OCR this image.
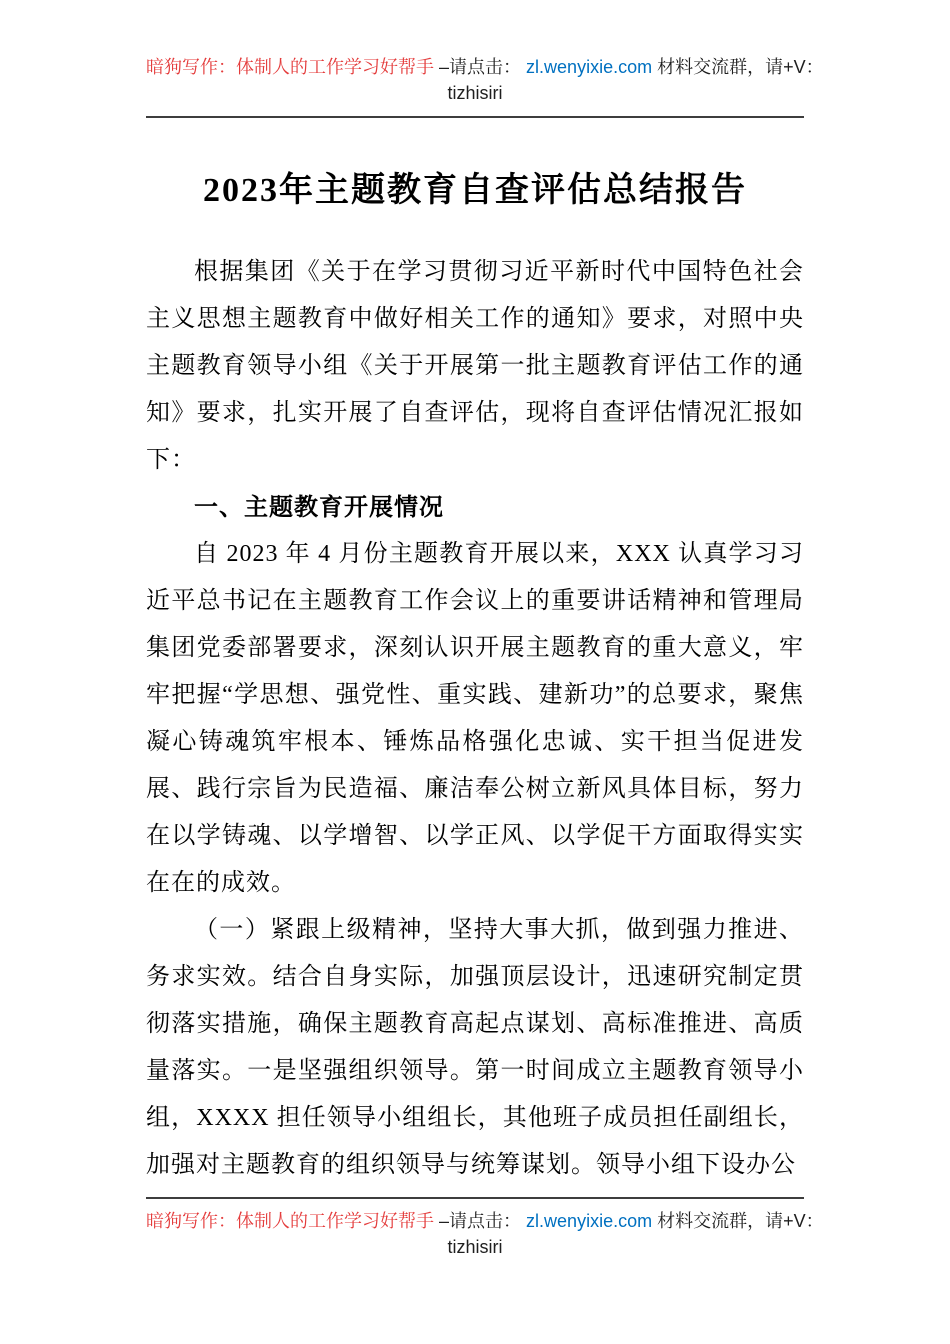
暗狗写作：体制人的工作学习好帮手 –请点击： zl.wenyixie.com 材料交流群，请+V：
tizhisiri
2023年主题教育自查评估总结报告

根据集团《关于在学习贯彻习近平新时代中国特色社会主义思想主题教育中做好相关工作的通知》要求，对照中央主题教育领导小组《关于开展第一批主题教育评估工作的通知》要求，扎实开展了自查评估，现将自查评估情况汇报如下：

一、主题教育开展情况

自 2023 年 4 月份主题教育开展以来，XXX 认真学习习近平总书记在主题教育工作会议上的重要讲话精神和管理局集团党委部署要求，深刻认识开展主题教育的重大意义，牢牢把握“学思想、强党性、重实践、建新功”的总要求，聚焦凝心铸魂筑牢根本、锤炼品格强化忠诚、实干担当促进发展、践行宗旨为民造福、廉洁奉公树立新风具体目标，努力在以学铸魂、以学增智、以学正风、以学促干方面取得实实在在的成效。

（一）紧跟上级精神，坚持大事大抓，做到强力推进、务求实效。结合自身实际，加强顶层设计，迅速研究制定贯彻落实措施，确保主题教育高起点谋划、高标准推进、高质量落实。一是坚强组织领导。第一时间成立主题教育领导小组，XXXX 担任领导小组组长，其他班子成员担任副组长，加强对主题教育的组织领导与统筹谋划。领导小组下设办公

暗狗写作：体制人的工作学习好帮手 –请点击： zl.wenyixie.com 材料交流群，请+V：
tizhisiri
